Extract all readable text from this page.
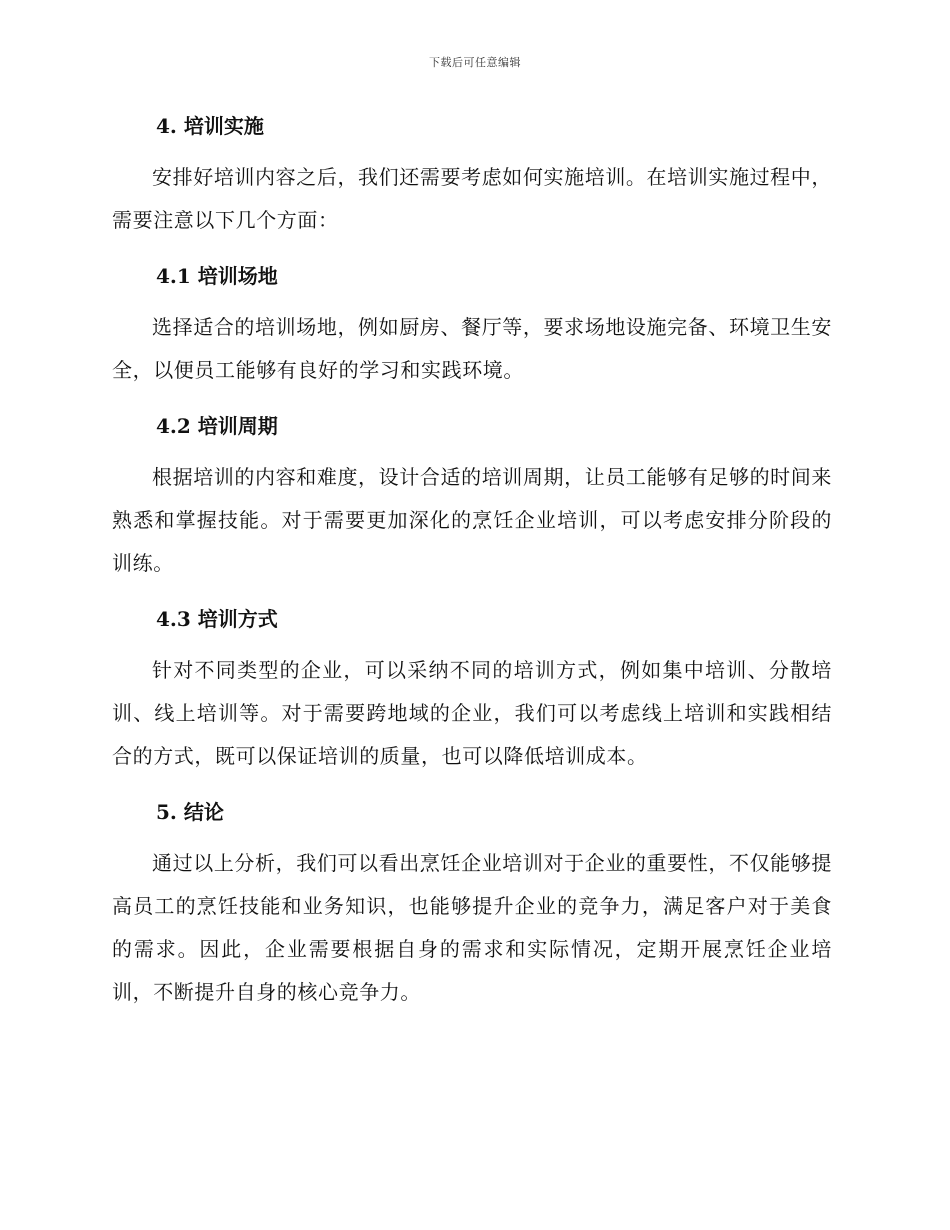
下载后可任意编辑
4. 培训实施

安排好培训内容之后，我们还需要考虑如何实施培训。在培训实施过程中，需要注意以下几个方面：

4.1 培训场地

选择适合的培训场地，例如厨房、餐厅等，要求场地设施完备、环境卫生安全，以便员工能够有良好的学习和实践环境。

4.2 培训周期

根据培训的内容和难度，设计合适的培训周期，让员工能够有足够的时间来熟悉和掌握技能。对于需要更加深化的烹饪企业培训，可以考虑安排分阶段的训练。

4.3 培训方式

针对不同类型的企业，可以采纳不同的培训方式，例如集中培训、分散培训、线上培训等。对于需要跨地域的企业，我们可以考虑线上培训和实践相结合的方式，既可以保证培训的质量，也可以降低培训成本。

5. 结论

通过以上分析，我们可以看出烹饪企业培训对于企业的重要性，不仅能够提高员工的烹饪技能和业务知识，也能够提升企业的竞争力，满足客户对于美食的需求。因此，企业需要根据自身的需求和实际情况，定期开展烹饪企业培训，不断提升自身的核心竞争力。
